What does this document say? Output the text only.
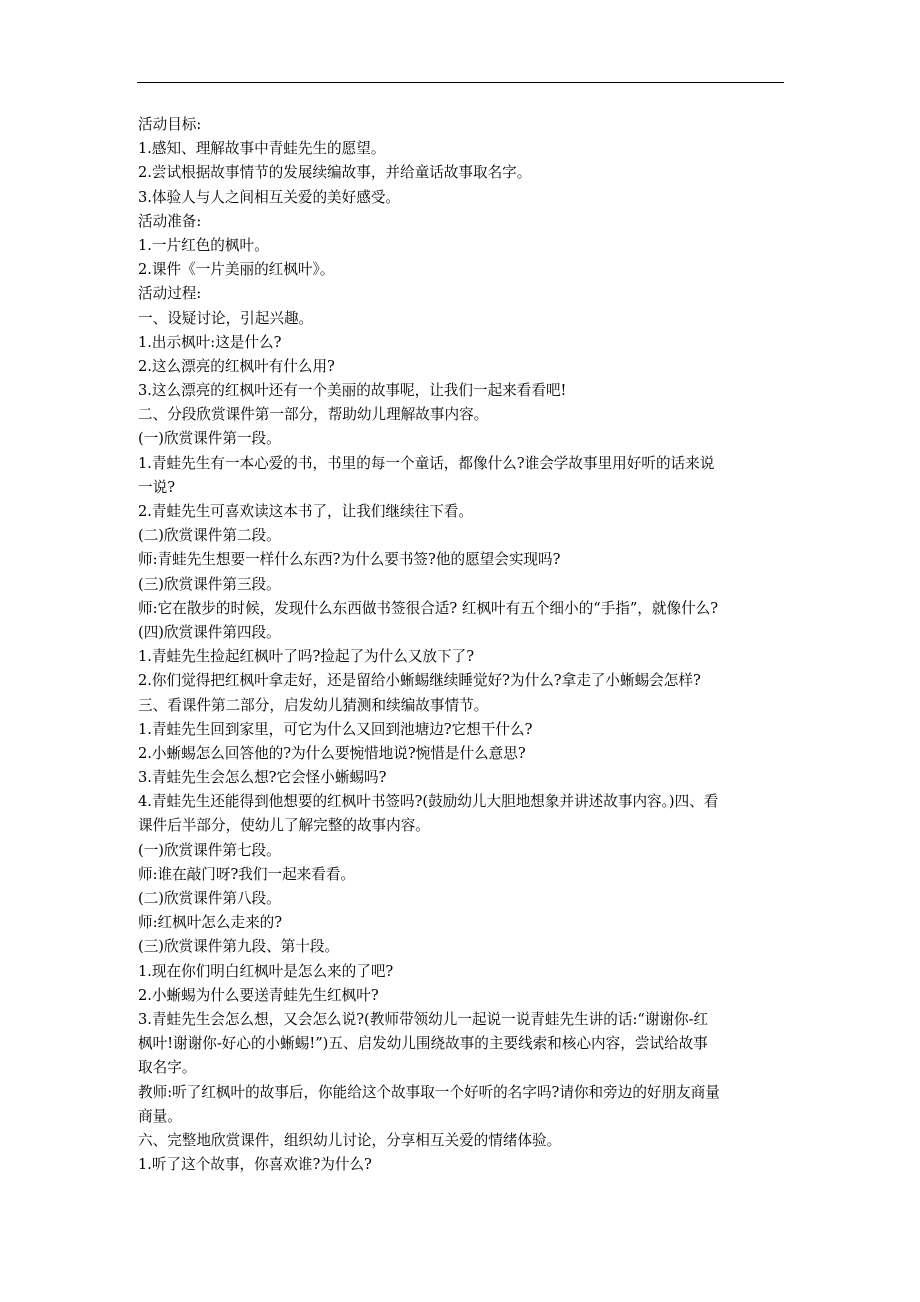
活动目标:
1.感知、理解故事中青蛙先生的愿望。
2.尝试根据故事情节的发展续编故事，并给童话故事取名字。
3.体验人与人之间相互关爱的美好感受。
活动准备:
1.一片红色的枫叶。
2.课件《一片美丽的红枫叶》。
活动过程:
一、设疑讨论，引起兴趣。
1.出示枫叶:这是什么?
2.这么漂亮的红枫叶有什么用?
3.这么漂亮的红枫叶还有一个美丽的故事呢，让我们一起来看看吧!
二、分段欣赏课件第一部分，帮助幼儿理解故事内容。
(一)欣赏课件第一段。
1.青蛙先生有一本心爱的书，书里的每一个童话，都像什么?谁会学故事里用好听的话来说
一说?
2.青蛙先生可喜欢读这本书了，让我们继续往下看。
(二)欣赏课件第二段。
师:青蛙先生想要一样什么东西?为什么要书签?他的愿望会实现吗?
(三)欣赏课件第三段。
师:它在散步的时候，发现什么东西做书签很合适? 红枫叶有五个细小的“手指”，就像什么?
(四)欣赏课件第四段。
1.青蛙先生捡起红枫叶了吗?捡起了为什么又放下了?
2.你们觉得把红枫叶拿走好，还是留给小蜥蜴继续睡觉好?为什么?拿走了小蜥蜴会怎样?
三、看课件第二部分，启发幼儿猜测和续编故事情节。
1.青蛙先生回到家里，可它为什么又回到池塘边?它想干什么?
2.小蜥蜴怎么回答他的?为什么要惋惜地说?惋惜是什么意思?
3.青蛙先生会怎么想?它会怪小蜥蜴吗?
4.青蛙先生还能得到他想要的红枫叶书签吗?(鼓励幼儿大胆地想象并讲述故事内容。)四、看
课件后半部分，使幼儿了解完整的故事内容。
(一)欣赏课件第七段。
师:谁在敲门呀?我们一起来看看。
(二)欣赏课件第八段。
师:红枫叶怎么走来的?
(三)欣赏课件第九段、第十段。
1.现在你们明白红枫叶是怎么来的了吧?
2.小蜥蜴为什么要送青蛙先生红枫叶?
3.青蛙先生会怎么想，又会怎么说?(教师带领幼儿一起说一说青蛙先生讲的话:“谢谢你-红
枫叶!谢谢你-好心的小蜥蜴!”)五、启发幼儿围绕故事的主要线索和核心内容，尝试给故事
取名字。
教师:听了红枫叶的故事后，你能给这个故事取一个好听的名字吗?请你和旁边的好朋友商量
商量。
六、完整地欣赏课件，组织幼儿讨论，分享相互关爱的情绪体验。
1.听了这个故事，你喜欢谁?为什么?
